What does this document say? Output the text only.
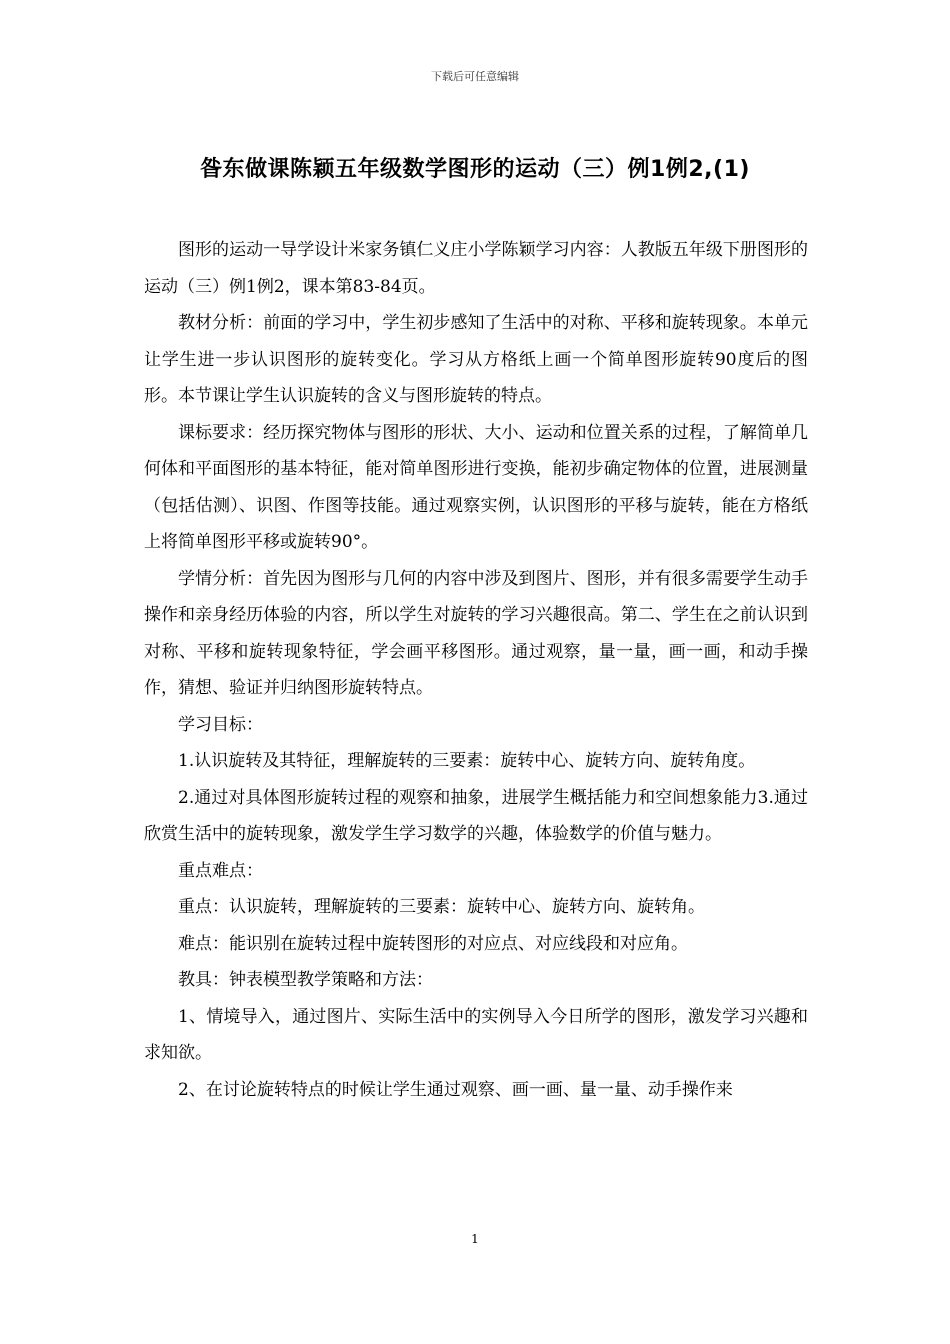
下载后可任意编辑
昝东做课陈颖五年级数学图形的运动（三）例1例2,(1)

图形的运动一导学设计米家务镇仁义庄小学陈颖学习内容：人教版五年级下册图形的运动（三）例1例2，课本第83-84页。

教材分析：前面的学习中，学生初步感知了生活中的对称、平移和旋转现象。本单元让学生进一步认识图形的旋转变化。学习从方格纸上画一个简单图形旋转90度后的图形。本节课让学生认识旋转的含义与图形旋转的特点。

课标要求：经历探究物体与图形的形状、大小、运动和位置关系的过程，了解简单几何体和平面图形的基本特征，能对简单图形进行变换，能初步确定物体的位置，进展测量（包括估测）、识图、作图等技能。通过观察实例，认识图形的平移与旋转，能在方格纸上将简单图形平移或旋转90°。

学情分析：首先因为图形与几何的内容中涉及到图片、图形，并有很多需要学生动手操作和亲身经历体验的内容，所以学生对旋转的学习兴趣很高。第二、学生在之前认识到对称、平移和旋转现象特征，学会画平移图形。通过观察，量一量，画一画，和动手操作，猜想、验证并归纳图形旋转特点。

学习目标：

1.认识旋转及其特征，理解旋转的三要素：旋转中心、旋转方向、旋转角度。

2.通过对具体图形旋转过程的观察和抽象，进展学生概括能力和空间想象能力3.通过欣赏生活中的旋转现象，激发学生学习数学的兴趣，体验数学的价值与魅力。

重点难点：

重点：认识旋转，理解旋转的三要素：旋转中心、旋转方向、旋转角。

难点：能识别在旋转过程中旋转图形的对应点、对应线段和对应角。

教具：钟表模型教学策略和方法：

1、情境导入，通过图片、实际生活中的实例导入今日所学的图形，激发学习兴趣和求知欲。

2、在讨论旋转特点的时候让学生通过观察、画一画、量一量、动手操作来

1
